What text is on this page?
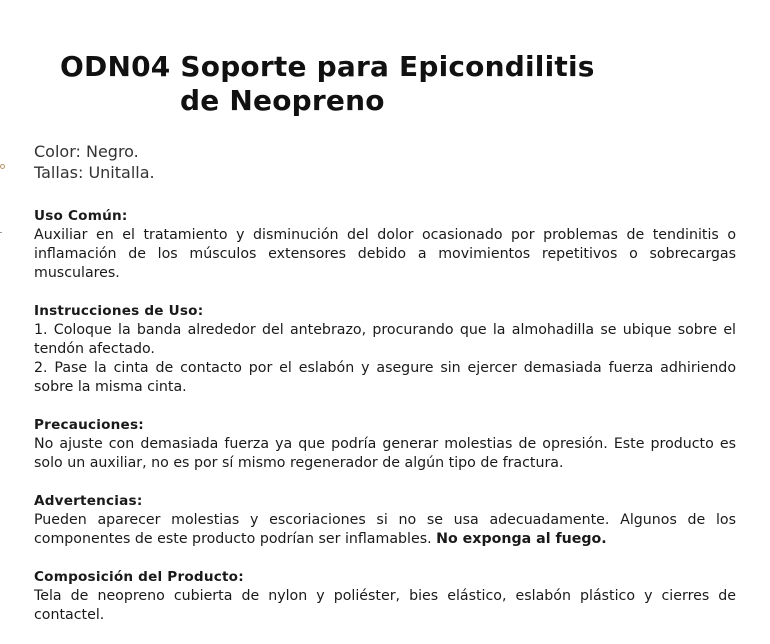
ODN04 Soporte para Epicondilitis
de Neopreno
Color: Negro.
Tallas: Unitalla.
Uso Común:
Auxiliar en el tratamiento y disminución del dolor ocasionado por problemas de tendinitis o inflamación de los músculos extensores debido a movimientos repetitivos o sobrecargas musculares.
Instrucciones de Uso:
1. Coloque la banda alrededor del antebrazo, procurando que la almohadilla se ubique sobre el tendón afectado.
2. Pase la cinta de contacto por el eslabón y asegure sin ejercer demasiada fuerza adhiriendo sobre la misma cinta.
Precauciones:
No ajuste con demasiada fuerza ya que podría generar molestias de opresión. Este producto es solo un auxiliar, no es por sí mismo regenerador de algún tipo de fractura.
Advertencias:
Pueden aparecer molestias y escoriaciones si no se usa adecuadamente. Algunos de los componentes de este producto podrían ser inflamables. No exponga al fuego.
Composición del Producto:
Tela de neopreno cubierta de nylon y poliéster, bies elástico, eslabón plástico y cierres de contactel.
